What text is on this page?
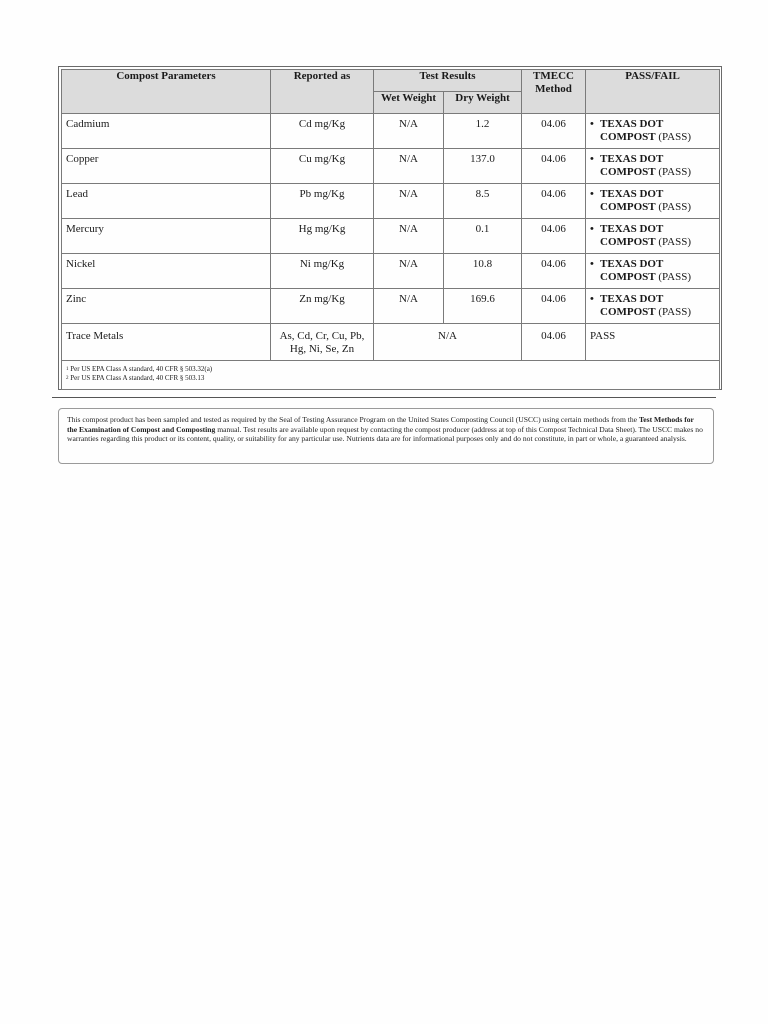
Compost Parameters	Reported as	Test Results		TMECC Method	PASS/FAIL
		Wet Weight	Dry Weight		
Cadmium	Cd mg/Kg	N/A	1.2	04.06	• TEXAS DOT
COMPOST (PASS)

Copper	Cu mg/Kg	N/A	137.0	04.06	• TEXAS DOT
COMPOST (PASS)

Lead	Pb mg/Kg	N/A	8.5	04.06	• TEXAS DOT
COMPOST (PASS)

Mercury	Hg mg/Kg	N/A	0.1	04.06	• TEXAS DOT
COMPOST (PASS)

Nickel	Ni mg/Kg	N/A	10.8	04.06	• TEXAS DOT
COMPOST (PASS)

Zinc	Zn mg/Kg	N/A	169.6	04.06	• TEXAS DOT
COMPOST (PASS)

Trace Metals	As, Cd, Cr, Cu, Pb,
Hg, Ni, Se, Zn	N/A		04.06	PASS

$^1$ Per US EPA Class A standard, 40 CFR § 503.32(a)
$^2$ Per US EPA Class A standard, 40 CFR § 503.13					
This compost product has been sampled and tested as required by the Seal of Testing Assurance Program on the United States Composting Council (USCC) using certain methods from the Test Methods for the Examination of Compost and Composting manual. Test results are available upon request by contacting the compost producer (address at top of this Compost Technical Data Sheet). The USCC makes no warranties regarding this product or its content, quality, or suitability for any particular use. Nutrients data are for informational purposes only and do not constitute, in part or whole, a guaranteed analysis.
